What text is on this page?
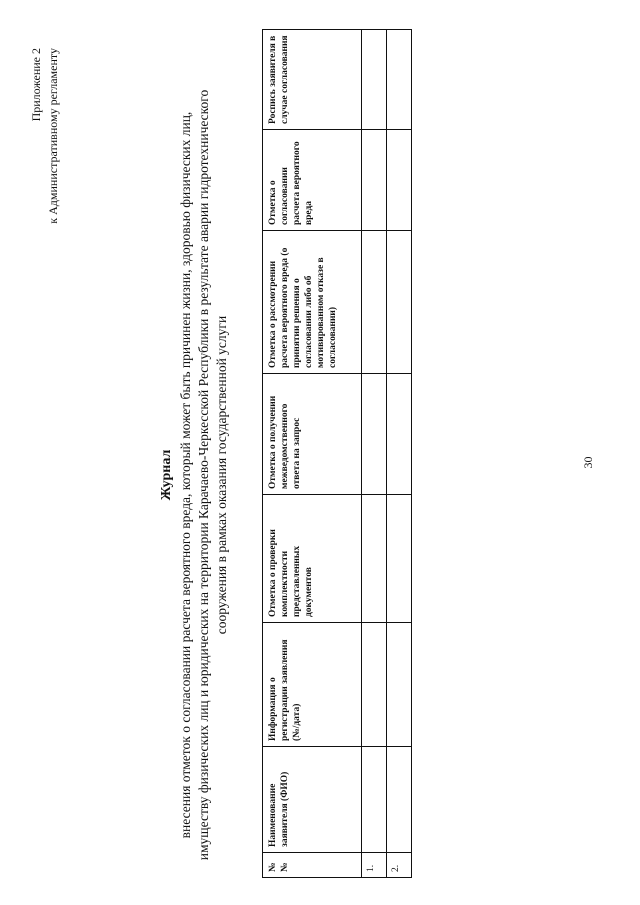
Приложение 2 к Административному регламенту
Журнал внесения отметок о согласовании расчета вероятного вреда, который может быть причинен жизни, здоровью физических лиц, имуществу физических лиц и юридических на территории Карачаево-Черкесской Республики в результате аварии гидротехнического сооружения в рамках оказания государственной услуги
№№	Наименование заявителя (ФИО)	Информация о регистрации заявления (№/дата)	Отметка о проверки комплектности представленных документов	Отметка о получении межведомственного ответа на запрос	Отметка о рассмотрении расчета вероятного вреда (о принятии решения о согласовании либо об мотивированном отказе в согласовании)	Отметка о согласовании расчета вероятного вреда	Роспись заявителя в случае согласования
1.							
2.							
30
